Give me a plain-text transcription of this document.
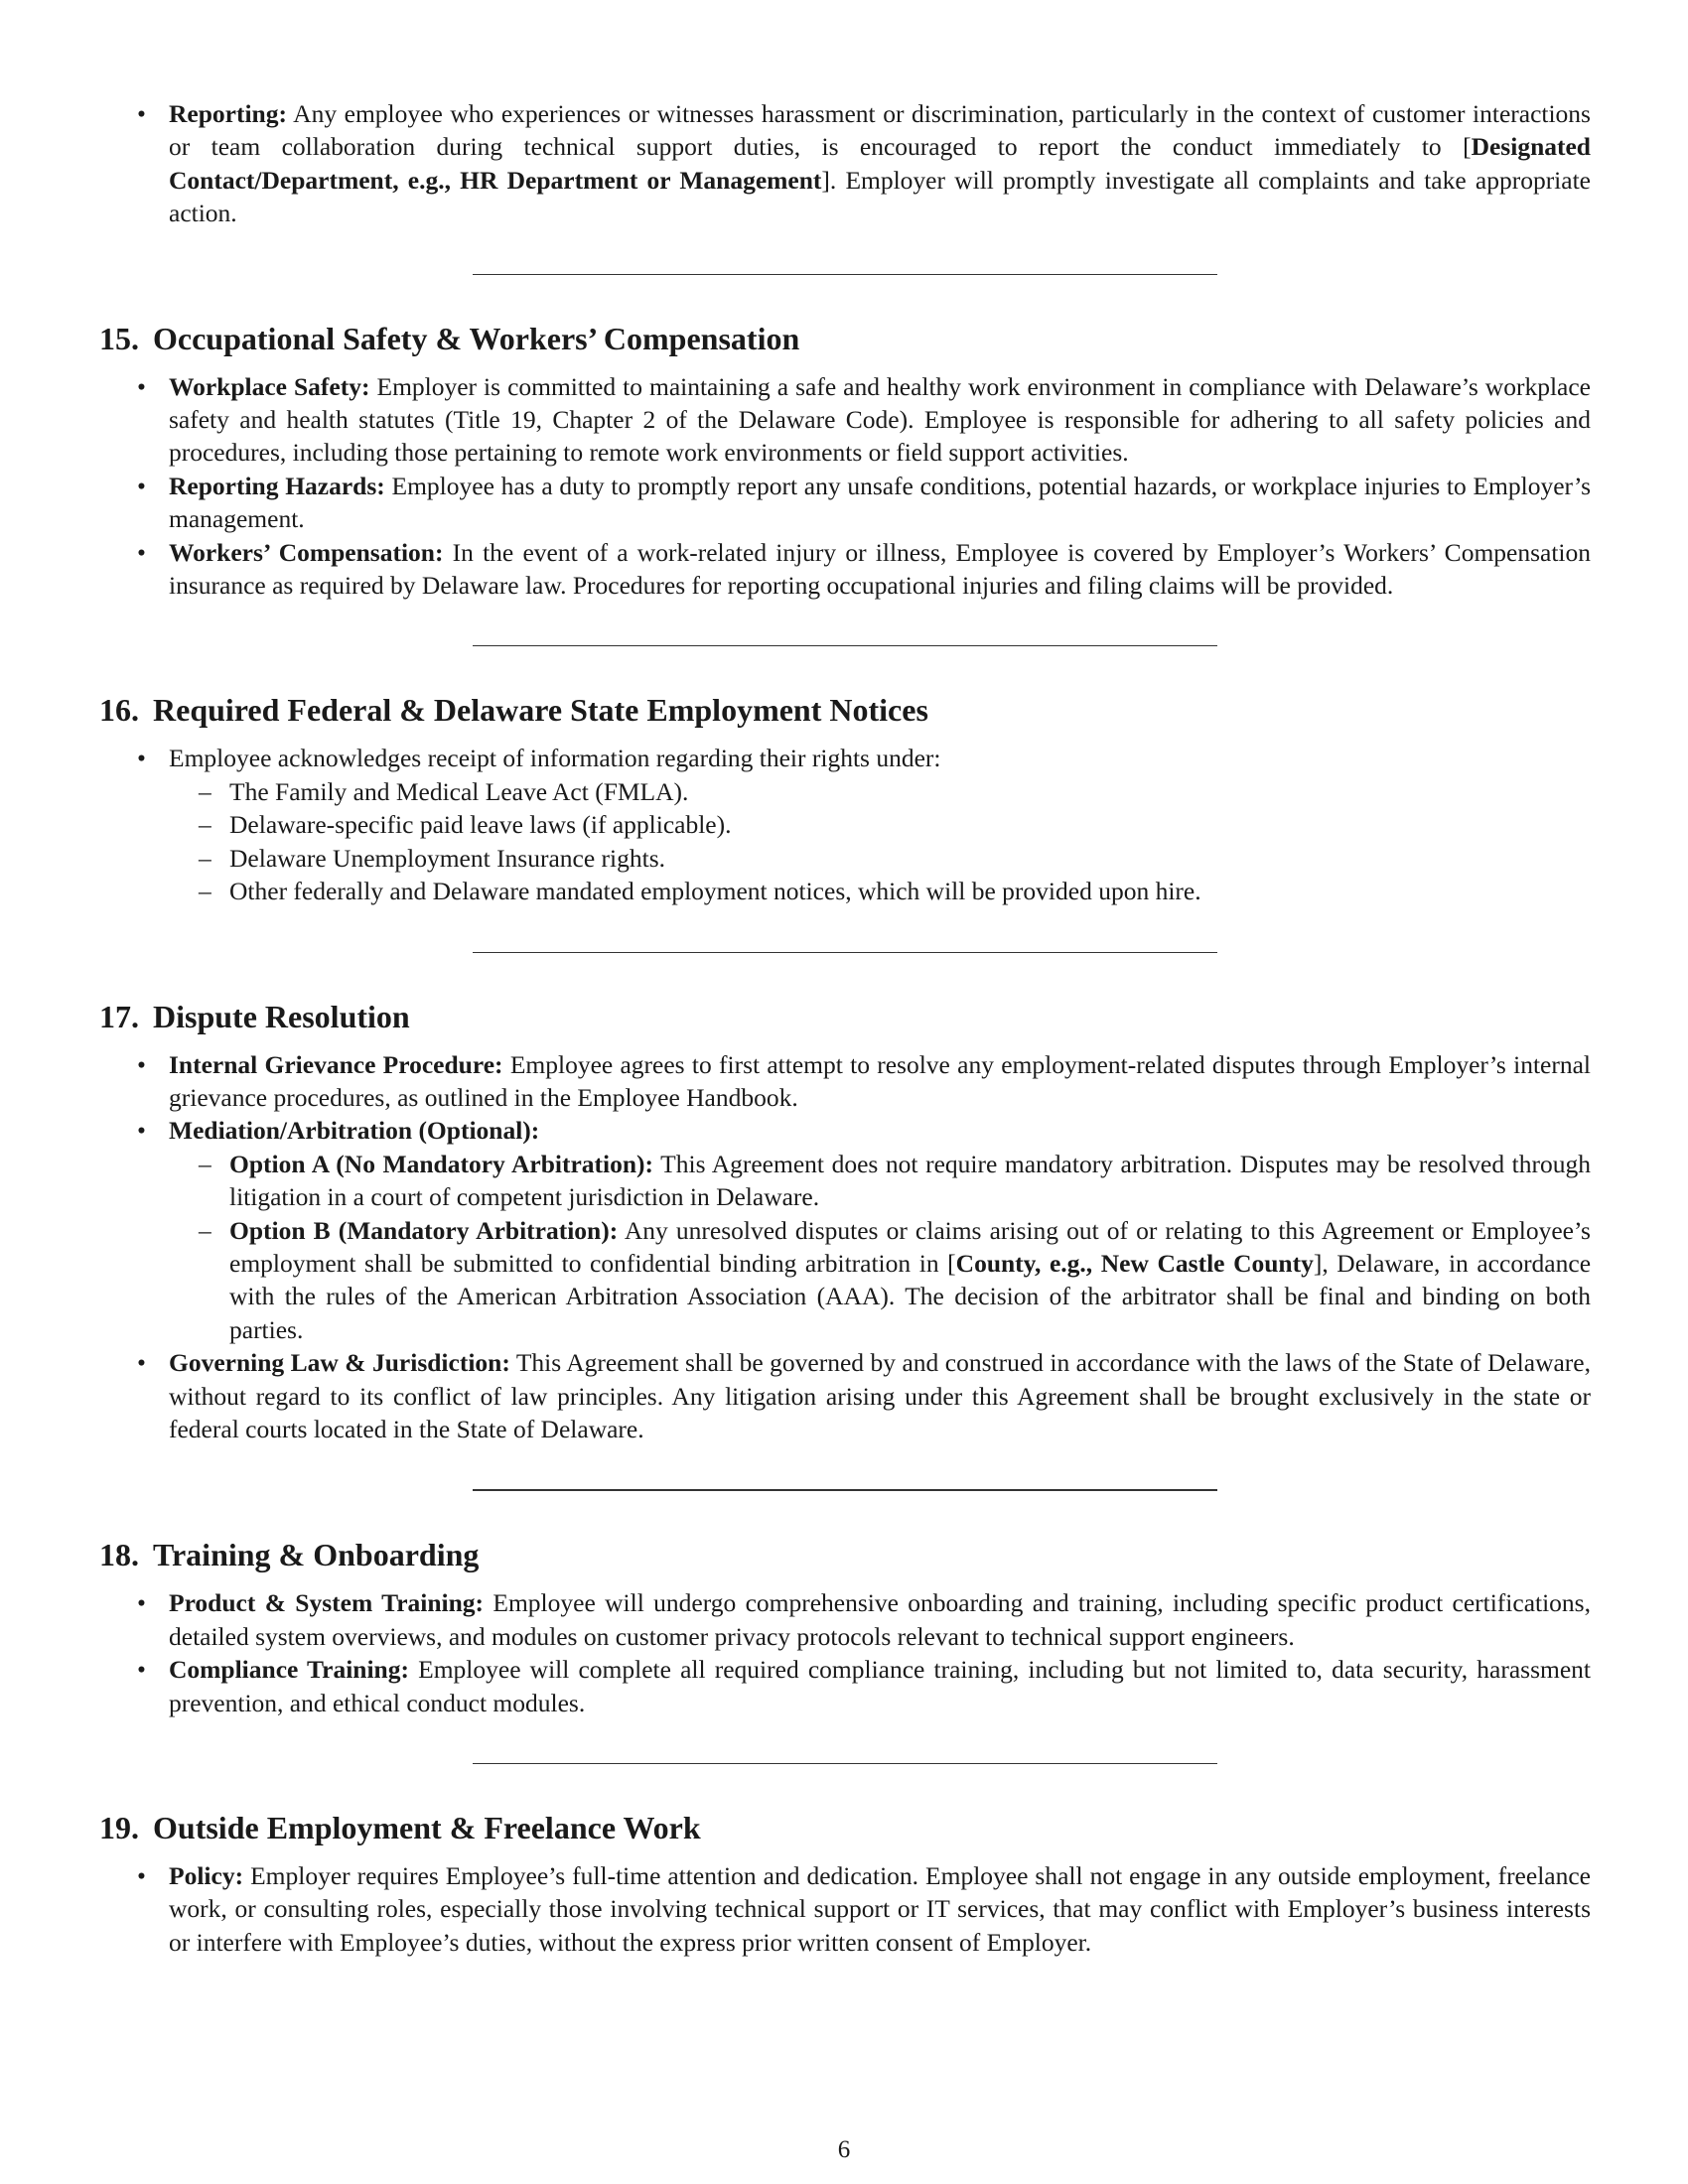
• Reporting: Any employee who experiences or witnesses harassment or discrimination, particularly in the context of customer interactions or team collaboration during technical support duties, is encouraged to report the conduct immediately to [Designated Contact/Department, e.g., HR Department or Management]. Employer will promptly investigate all complaints and take appropriate action.
15. Occupational Safety & Workers’ Compensation
• Workplace Safety: Employer is committed to maintaining a safe and healthy work environment in compliance with Delaware’s workplace safety and health statutes (Title 19, Chapter 2 of the Delaware Code). Employee is responsible for adhering to all safety policies and procedures, including those pertaining to remote work environments or field support activities.
• Reporting Hazards: Employee has a duty to promptly report any unsafe conditions, potential hazards, or workplace injuries to Employer’s management.
• Workers’ Compensation: In the event of a work-related injury or illness, Employee is covered by Employer’s Workers’ Compensation insurance as required by Delaware law. Procedures for reporting occupational injuries and filing claims will be provided.
16. Required Federal & Delaware State Employment Notices
• Employee acknowledges receipt of information regarding their rights under:
– The Family and Medical Leave Act (FMLA).
– Delaware-specific paid leave laws (if applicable).
– Delaware Unemployment Insurance rights.
– Other federally and Delaware mandated employment notices, which will be provided upon hire.
17. Dispute Resolution
• Internal Grievance Procedure: Employee agrees to first attempt to resolve any employment-related disputes through Employer’s internal grievance procedures, as outlined in the Employee Handbook.
• Mediation/Arbitration (Optional):
– Option A (No Mandatory Arbitration): This Agreement does not require mandatory arbitration. Disputes may be resolved through litigation in a court of competent jurisdiction in Delaware.
– Option B (Mandatory Arbitration): Any unresolved disputes or claims arising out of or relating to this Agreement or Employee’s employment shall be submitted to confidential binding arbitration in [County, e.g., New Castle County], Delaware, in accordance with the rules of the American Arbitration Association (AAA). The decision of the arbitrator shall be final and binding on both parties.
• Governing Law & Jurisdiction: This Agreement shall be governed by and construed in accordance with the laws of the State of Delaware, without regard to its conflict of law principles. Any litigation arising under this Agreement shall be brought exclusively in the state or federal courts located in the State of Delaware.
18. Training & Onboarding
• Product & System Training: Employee will undergo comprehensive onboarding and training, including specific product certifications, detailed system overviews, and modules on customer privacy protocols relevant to technical support engineers.
• Compliance Training: Employee will complete all required compliance training, including but not limited to, data security, harassment prevention, and ethical conduct modules.
19. Outside Employment & Freelance Work
• Policy: Employer requires Employee’s full-time attention and dedication. Employee shall not engage in any outside employment, freelance work, or consulting roles, especially those involving technical support or IT services, that may conflict with Employer’s business interests or interfere with Employee’s duties, without the express prior written consent of Employer.
6
